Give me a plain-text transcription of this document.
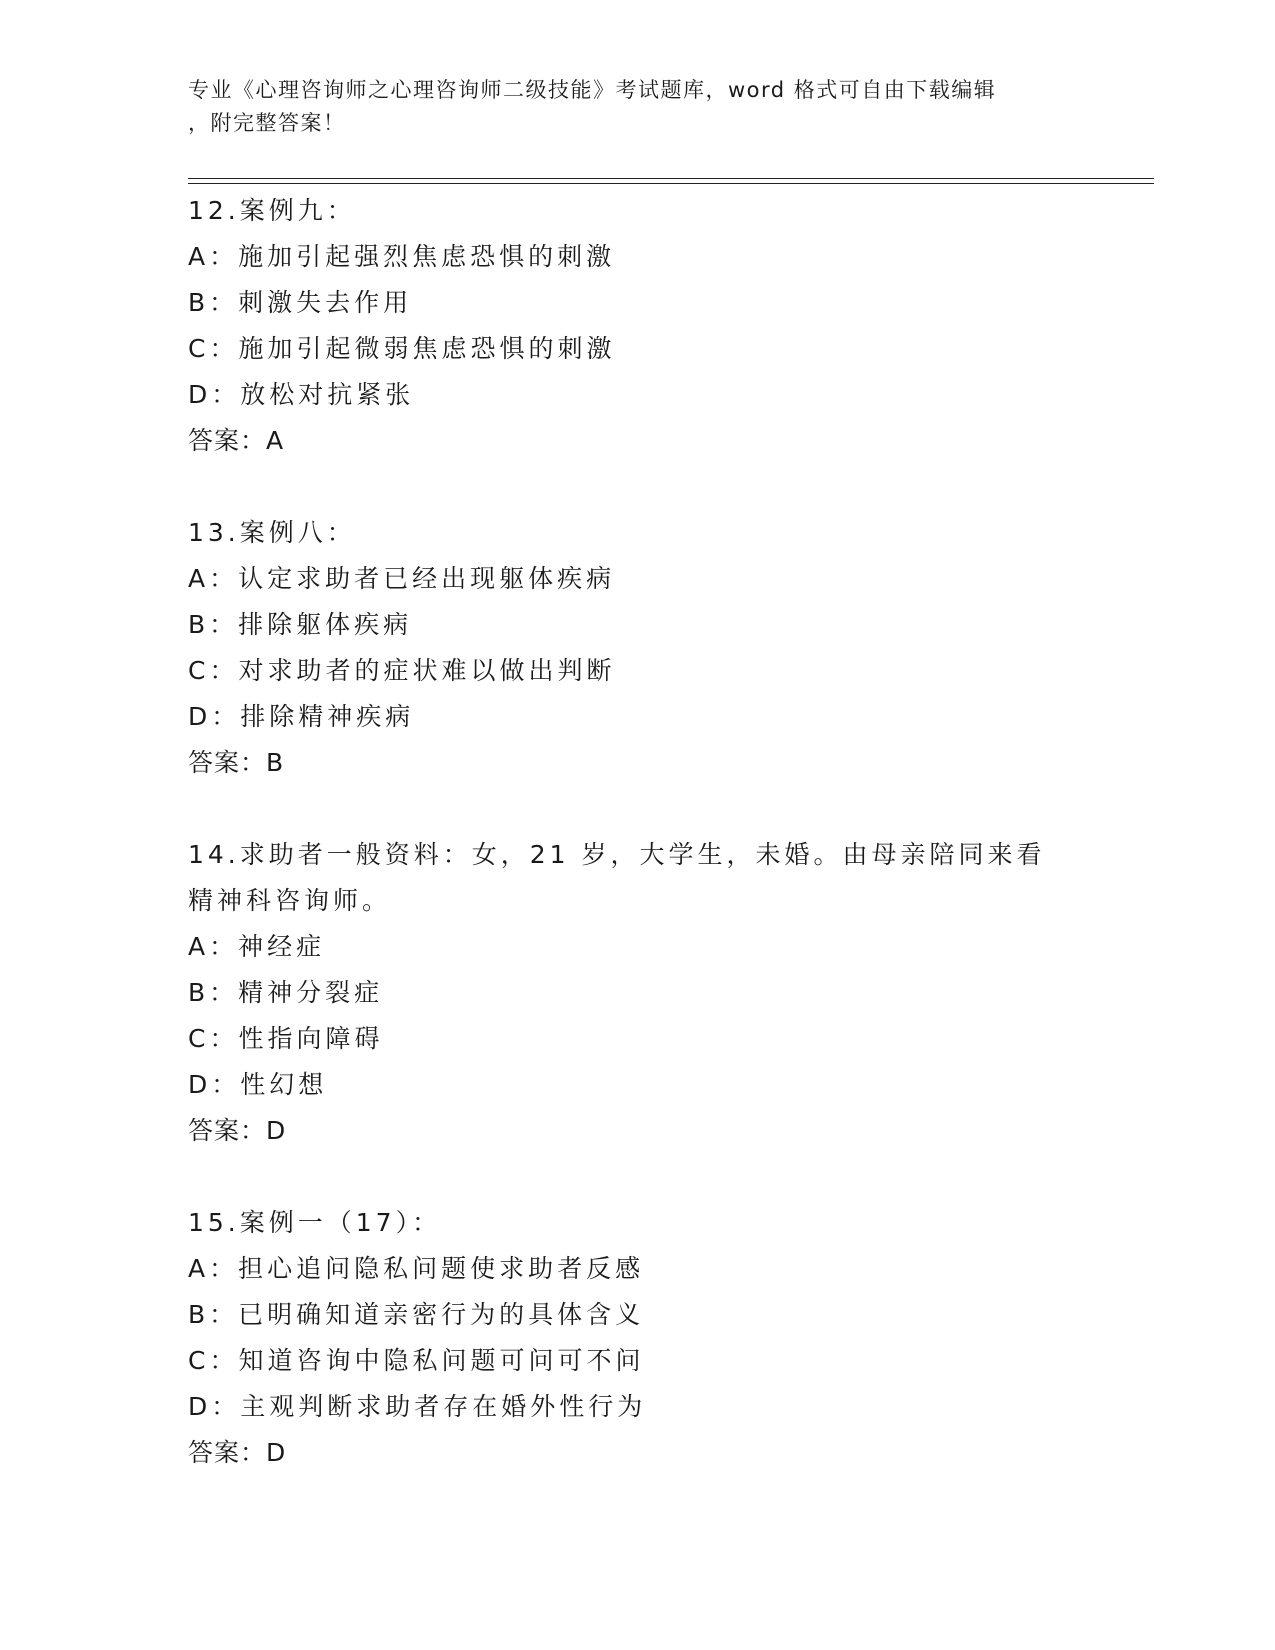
专业《心理咨询师之心理咨询师二级技能》考试题库，word 格式可自由下载编辑
，附完整答案！
12.案例九：
A：施加引起强烈焦虑恐惧的刺激
B：刺激失去作用
C：施加引起微弱焦虑恐惧的刺激
D：放松对抗紧张
答案：A
13.案例八：
A：认定求助者已经出现躯体疾病
B：排除躯体疾病
C：对求助者的症状难以做出判断
D：排除精神疾病
答案：B
14.求助者一般资料：女，21 岁，大学生，未婚。由母亲陪同来看精神科咨询师。
A：神经症
B：精神分裂症
C：性指向障碍
D：性幻想
答案：D
15.案例一（17）：
A：担心追问隐私问题使求助者反感
B：已明确知道亲密行为的具体含义
C：知道咨询中隐私问题可问可不问
D：主观判断求助者存在婚外性行为
答案：D
